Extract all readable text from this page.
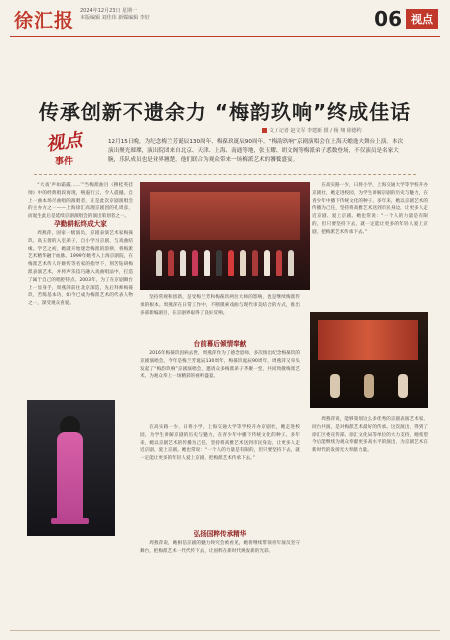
徐汇报 2024年12月23日 星期一
本版编辑 刘佳玮 新媒编辑 李好	06 视点
传承创新不遗余力 “梅韵玖响”终成佳话
视点
事件
文 / 记者 赵文军 李建新 摄 / 杨 翔 徐德约
12月15日晚，为纪念梅兰芳诞辰130周年、梅葆玖诞辰90周年，“梅韵玖响”京剧演唱会在上海天蟾逸夫舞台上演。本次演出聚光璀璨，演出院团来自北京、天津、上海、南通等地，张玉耀、胡文阁等梅派弟子悉数登场，不仅演员是名家大腕，乐队成员也是业界翘楚，他们联合为观众带来一场梅派艺术的饕餮盛宴。

“大戏‘声如霜霰……’”当梅派曲目《穆桂英挂帅》中的经典唱段再现，响遏行云，令人震撼。自上一曲本场尽曲唱的演唱者，正是此次京剧演唱会的主办方之一——上海徐汇高理京剧团的孔周彦，而诞生此后是延续京剧演唱会的演出策划者之一。

孕勤耕耘终成大家

周燕萍，国家一级演员，京剧表演艺术家梅葆玖、高玉倩的入室弟子，自小学习京剧，与戏曲结缘。学艺之初，她就开始迷恋梅派的韵律，将梅派艺术精华融于血脉。1999年她考入上海京剧院，在梅派艺术传人许姬传等名家的指导下，刻苦钻研梅派表演艺术，并将声乐技巧融入戏曲唱法中，打造了属于自己的唱腔特点。2003年，为了在京剧舞台上一显身手，周燕萍前往北京深造，先后拜师梅葆玖，苦练基本功，如今已成为梅派艺术的代表人物之一，深受观众喜爱。

坚持常规和创新，是受梅兰芳和梅葆玖两位大师的影响，也是继续梅派传承的根本。周燕萍在日常工作中，不断摸索戏曲与现代审美结合的方式，推出多部新编剧目，在京剧界取得了良好反响。

台前幕后倾情奉献

2016年梅葆玖因病去世，周燕萍作为了感念恩师，多次推出纪念梅葆玖的京剧演唱会。今年是梅兰芳诞辰130周年，梅葆玖诞辰90周年，周燕萍又牵头发起了“梅韵玖响”京剧演唱会，邀请众多梅派弟子齐聚一堂，共同致敬梅派艺术，为观众奉上一场精彩的视听盛宴。

在高实路一少，日将小学，上海交通大学等学校开办京剧社，她走进校园，为学生讲解京剧的历史与魅力，在青少年中播下传统文化的种子。多年来，她以京剧艺术的传播为己任，坚持将高雅艺术送到市民身边，让更多人走近京剧、爱上京剧。她也常说：“一个人的力量是有限的，但只要坚持下去，就一定能让更多的年轻人爱上京剧，把梅派艺术传承下去。”

周燕萍说，能够策划这么多优秀的京剧表演艺术家，同台共演，是对梅派艺术最好的传承。这次演出，得到了徐汇区委宣传部、徐汇文化局等单位的大力支持，她希望今后能继续为观众奉献更多高水平的演出，为京剧艺术在新时代的发扬光大奉献力量。

在高实路一少，日将小学，上海交通大学等学校开办京剧社，她走进校园，为学生讲解京剧的历史与魅力，在青少年中播下传统文化的种子。多年来，她以京剧艺术的传播为己任，坚持将高雅艺术送到市民身边，让更多人走近京剧、爱上京剧。她也常说：“一个人的力量是有限的，但只要坚持下去，就一定能让更多的年轻人爱上京剧，把梅派艺术传承下去。”

弘扬国粹传承精华

周燕萍说，她相信京剧的魅力终究会被看见，她将继续带领青年演员坚守舞台，把梅派艺术一代代传下去，让国粹在新时代焕发新的光彩。
